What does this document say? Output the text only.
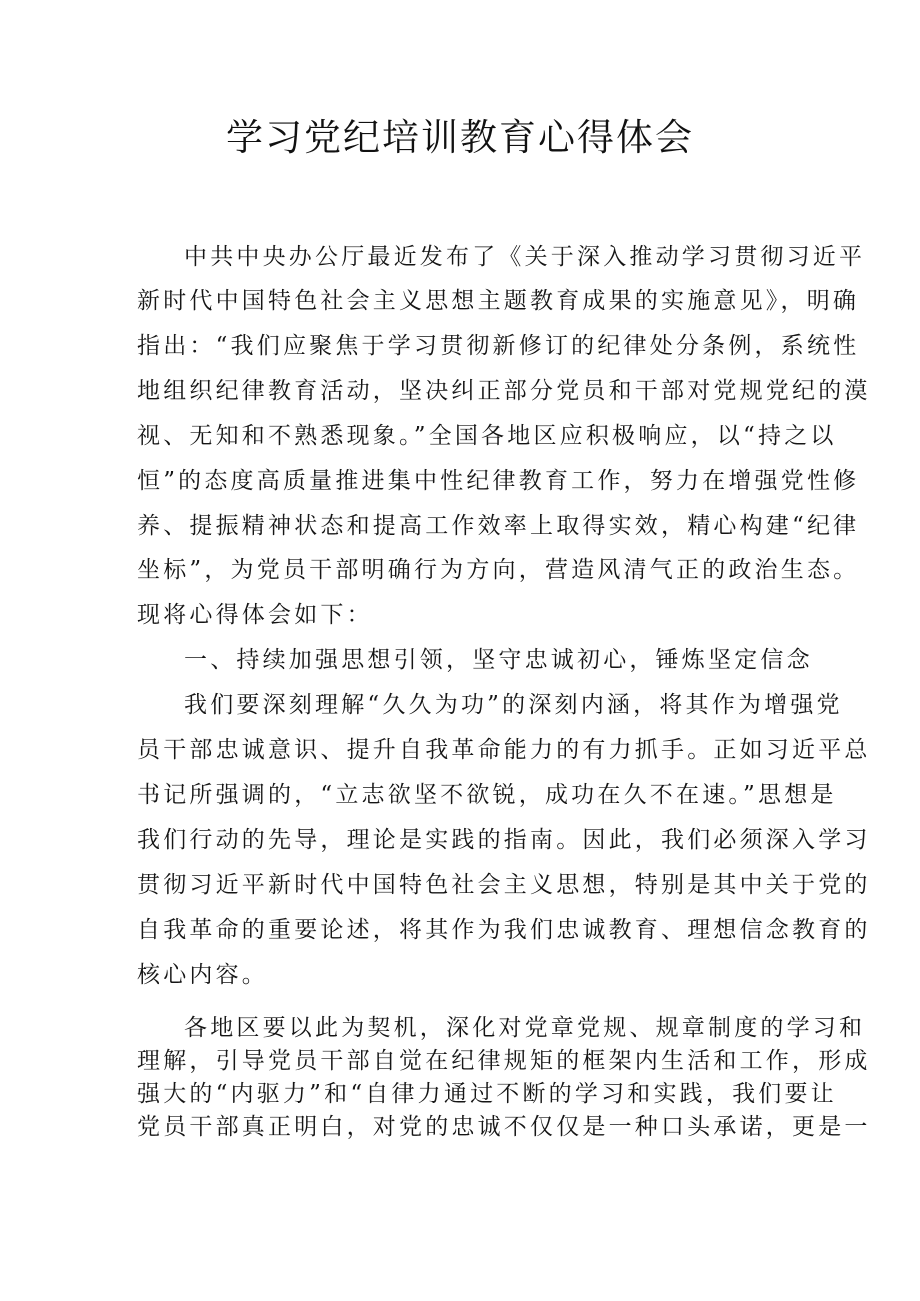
学习党纪培训教育心得体会
中共中央办公厅最近发布了《关于深入推动学习贯彻习近平
新时代中国特色社会主义思想主题教育成果的实施意见》，明确
指出：“我们应聚焦于学习贯彻新修订的纪律处分条例，系统性
地组织纪律教育活动，坚决纠正部分党员和干部对党规党纪的漠
视、无知和不熟悉现象。”全国各地区应积极响应，以“持之以
恒”的态度高质量推进集中性纪律教育工作，努力在增强党性修
养、提振精神状态和提高工作效率上取得实效，精心构建“纪律
坐标”，为党员干部明确行为方向，营造风清气正的政治生态。
现将心得体会如下：
一、持续加强思想引领，坚守忠诚初心，锤炼坚定信念
我们要深刻理解“久久为功”的深刻内涵，将其作为增强党
员干部忠诚意识、提升自我革命能力的有力抓手。正如习近平总
书记所强调的，“立志欲坚不欲锐，成功在久不在速。”思想是
我们行动的先导，理论是实践的指南。因此，我们必须深入学习
贯彻习近平新时代中国特色社会主义思想，特别是其中关于党的
自我革命的重要论述，将其作为我们忠诚教育、理想信念教育的
核心内容。
各地区要以此为契机，深化对党章党规、规章制度的学习和
理解，引导党员干部自觉在纪律规矩的框架内生活和工作，形成
强大的“内驱力”和“自律力通过不断的学习和实践，我们要让
党员干部真正明白，对党的忠诚不仅仅是一种口头承诺，更是一
